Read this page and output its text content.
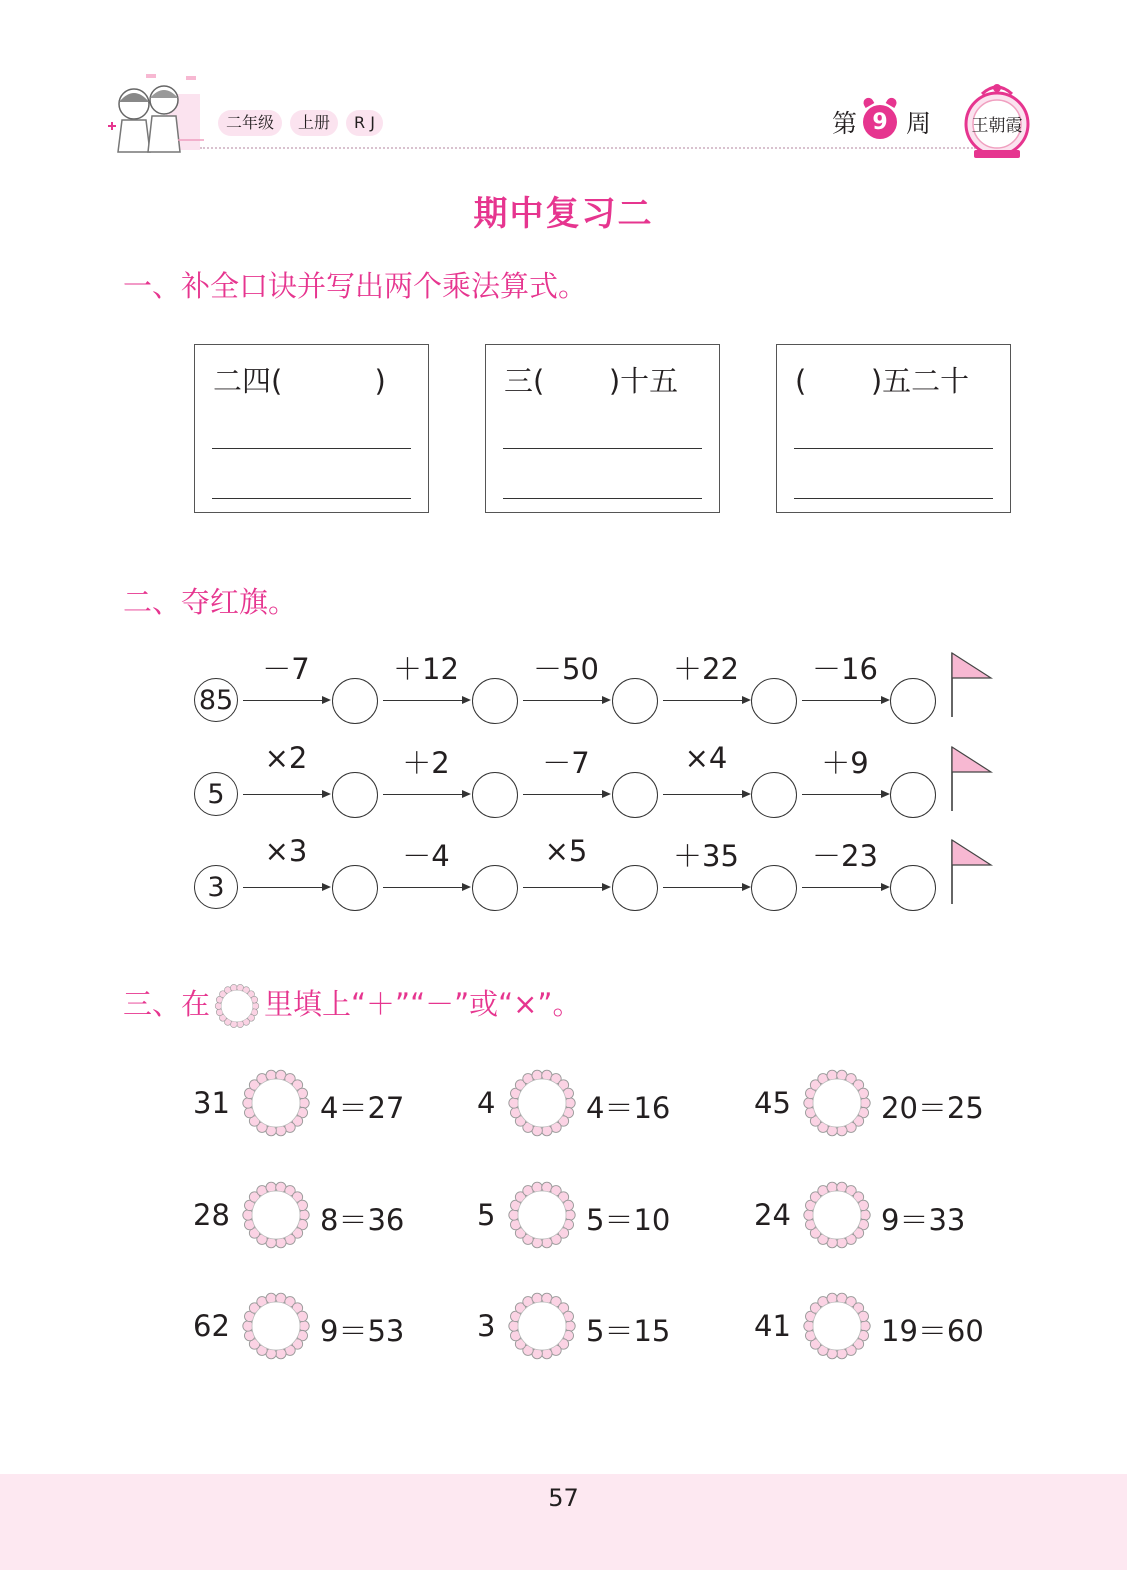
二年级	上册	R J	第 9 周 王朝霞
期中复习二
一、补全口诀并写出两个乘法算式。
二四(          )	三(       )十五	(       )五二十
二、夺红旗。
85
－7	＋12	－50	＋22	－16
5
×2	＋2	－7	×4	＋9
3
×3	－4	×5	＋35	－23
三、在 里填上“＋”“－”或“×”。
31	4＝27	4	4＝16	45	20＝25
28	8＝36	5	5＝10	24	9＝33
62	9＝53	3	5＝15	41	19＝60
57
